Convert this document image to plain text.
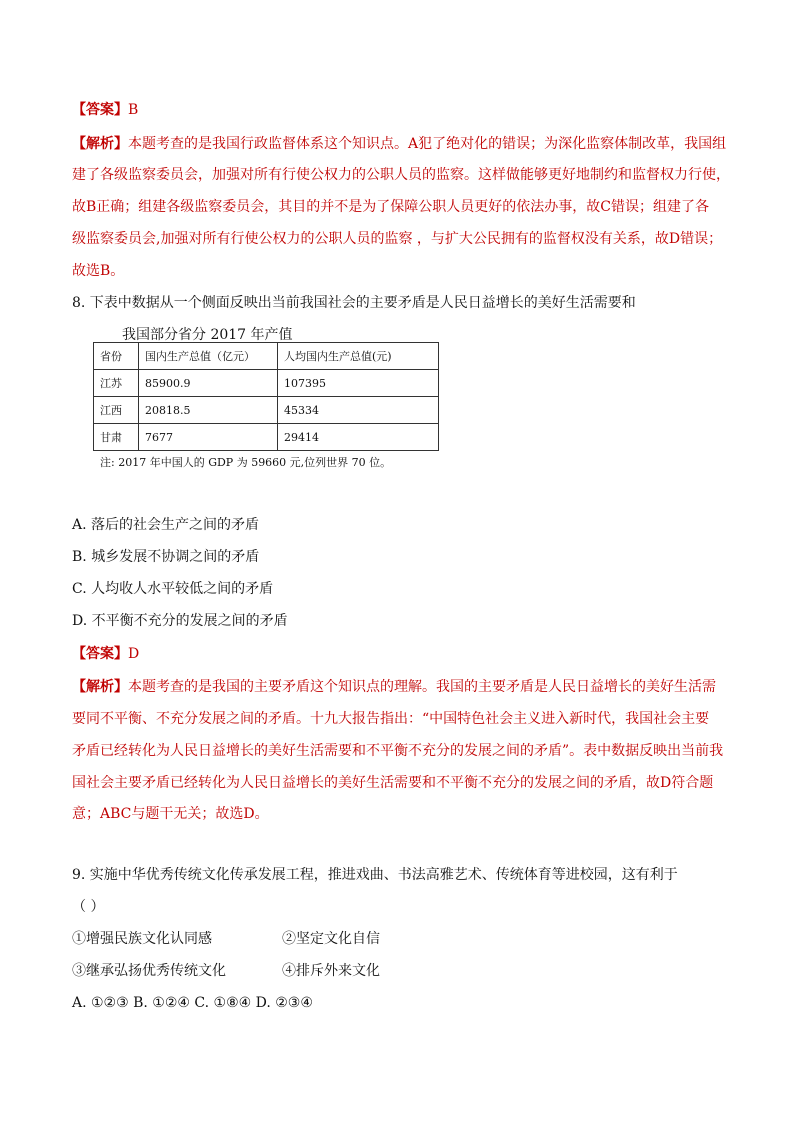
【答案】B
【解析】本题考查的是我国行政监督体系这个知识点。A犯了绝对化的错误；为深化监察体制改革，我国组
建了各级监察委员会，加强对所有行使公权力的公职人员的监察。这样做能够更好地制约和监督权力行使，
故B正确；组建各级监察委员会，其目的并不是为了保障公职人员更好的依法办事，故C错误；组建了各
级监察委员会,加强对所有行使公权力的公职人员的监察 ，与扩大公民拥有的监督权没有关系，故D错误；
故选B。
8. 下表中数据从一个侧面反映出当前我国社会的主要矛盾是人民日益增长的美好生活需要和
我国部分省分 2017 年产值
省份	国内生产总值（亿元）	人均国内生产总值(元)
江苏	85900.9	107395
江西	20818.5	45334
甘肃	7677	29414
注: 2017 年中国人的 GDP 为 59660 元,位列世界 70 位。
A. 落后的社会生产之间的矛盾
B. 城乡发展不协调之间的矛盾
C. 人均收人水平较低之间的矛盾
D. 不平衡不充分的发展之间的矛盾
【答案】D
【解析】本题考查的是我国的主要矛盾这个知识点的理解。我国的主要矛盾是人民日益增长的美好生活需
要同不平衡、不充分发展之间的矛盾。十九大报告指出：“中国特色社会主义进入新时代，我国社会主要
矛盾已经转化为人民日益增长的美好生活需要和不平衡不充分的发展之间的矛盾”。表中数据反映出当前我
国社会主要矛盾已经转化为人民日益增长的美好生活需要和不平衡不充分的发展之间的矛盾，故D符合题
意；ABC与题干无关；故选D。
9. 实施中华优秀传统文化传承发展工程，推进戏曲、书法高雅艺术、传统体育等进校园，这有利于
（ ）
①增强民族文化认同感	②坚定文化自信
③继承弘扬优秀传统文化	④排斥外来文化
A. ①②③ B. ①②④ C. ①⑧④ D. ②③④
